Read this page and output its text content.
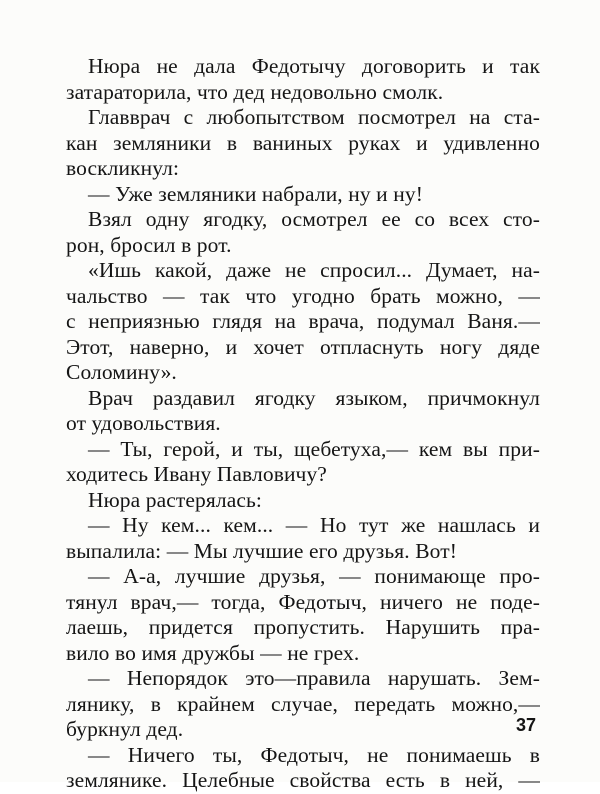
Нюра не дала Федотычу договорить и так
затараторила, что дед недовольно смолк.
Главврач с любопытством посмотрел на ста-
кан земляники в ваниных руках и удивленно
воскликнул:
— Уже земляники набрали, ну и ну!
Взял одну ягодку, осмотрел ее со всех сто-
рон, бросил в рот.
«Ишь какой, даже не спросил... Думает, на-
чальство — так что угодно брать можно, —
с неприязнью глядя на врача, подумал Ваня.—
Этот, наверно, и хочет отпласнуть ногу дяде
Соломину».
Врач раздавил ягодку языком, причмокнул
от удовольствия.
— Ты, герой, и ты, щебетуха,— кем вы при-
ходитесь Ивану Павловичу?
Нюра растерялась:
— Ну кем... кем... — Но тут же нашлась и
выпалила: — Мы лучшие его друзья. Вот!
— А-а, лучшие друзья, — понимающе про-
тянул врач,— тогда, Федотыч, ничего не поде-
лаешь, придется пропустить. Нарушить пра-
вило во имя дружбы — не грех.
— Непорядок это—правила нарушать. Зем-
лянику, в крайнем случае, передать можно,—
буркнул дед.
— Ничего ты, Федотыч, не понимаешь в
землянике. Целебные свойства есть в ней, —
37
